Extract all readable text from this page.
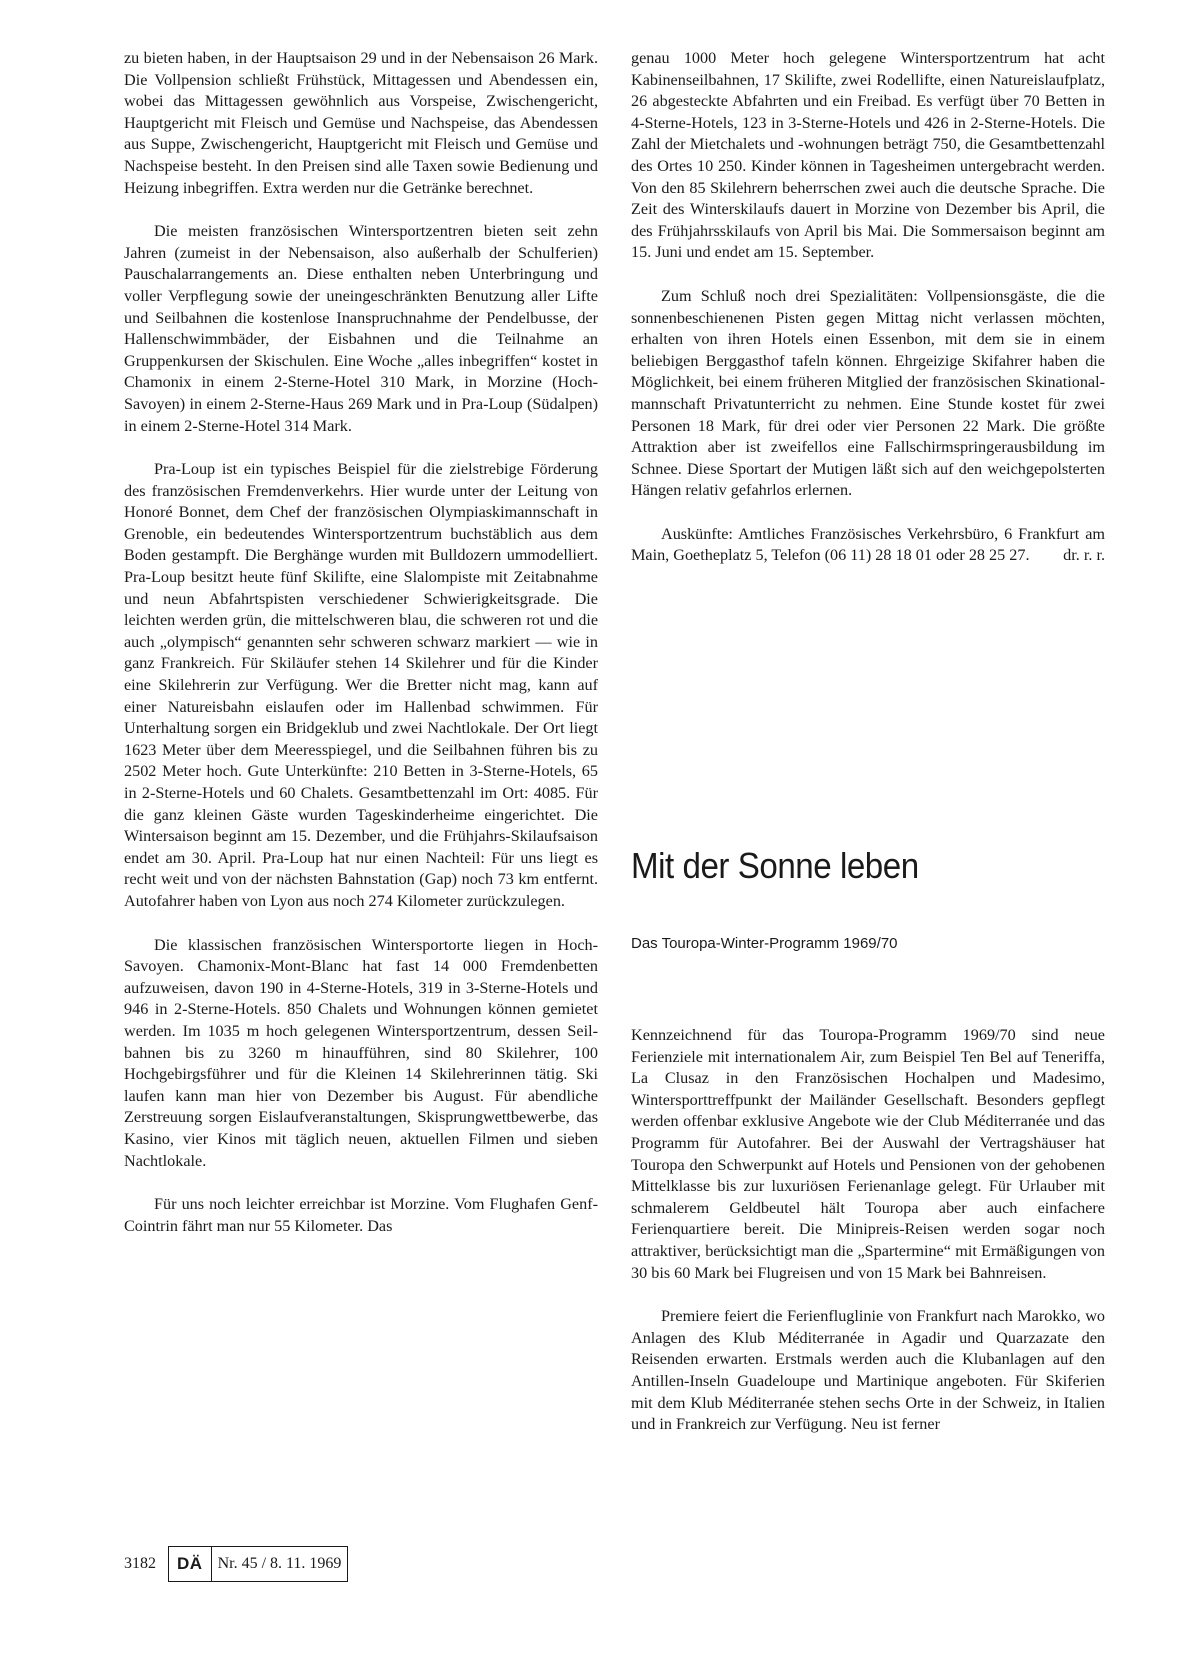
zu bieten haben, in der Hauptsaison 29 und in der Nebensaison 26 Mark. Die Vollpension schließt Frühstück, Mittagessen und Abendessen ein, wobei das Mittagessen gewöhnlich aus Vorspeise, Zwischengericht, Hauptgericht mit Fleisch und Gemüse und Nachspeise, das Abendessen aus Suppe, Zwischengericht, Hauptgericht mit Fleisch und Gemüse und Nachspeise besteht. In den Preisen sind alle Taxen sowie Bedienung und Heizung inbegriffen. Extra werden nur die Getränke berechnet.

Die meisten französischen Wintersportzentren bieten seit zehn Jahren (zumeist in der Nebensaison, also außerhalb der Schulferien) Pauschalarrangements an. Diese enthalten neben Unterbringung und voller Verpflegung sowie der uneingeschränkten Benutzung aller Lifte und Seilbahnen die kostenlose Inanspruchnahme der Pendelbusse, der Hallenschwimmbäder, der Eisbahnen und die Teilnahme an Gruppenkursen der Skischulen. Eine Woche „alles inbegriffen“ kostet in Chamonix in einem 2-Sterne-Hotel 310 Mark, in Morzine (Hoch-Savoyen) in einem 2-Sterne-Haus 269 Mark und in Pra-Loup (Südalpen) in einem 2-Sterne-Hotel 314 Mark.

Pra-Loup ist ein typisches Beispiel für die zielstrebige Förderung des französischen Fremdenverkehrs. Hier wurde unter der Leitung von Honoré Bonnet, dem Chef der französischen Olympiaskimannschaft in Grenoble, ein bedeutendes Wintersportzentrum buchstäblich aus dem Boden gestampft. Die Berghänge wurden mit Bulldozern ummodelliert. Pra-Loup besitzt heute fünf Skilifte, eine Slalompiste mit Zeitabnahme und neun Abfahrtspisten verschiedener Schwierigkeitsgrade. Die leichten werden grün, die mittelschweren blau, die schweren rot und die auch „olympisch“ genannten sehr schweren schwarz markiert — wie in ganz Frankreich. Für Skiläufer stehen 14 Skilehrer und für die Kinder eine Skilehrerin zur Verfügung. Wer die Bretter nicht mag, kann auf einer Natureisbahn eislaufen oder im Hallenbad schwimmen. Für Unterhaltung sorgen ein Bridgeklub und zwei Nachtlokale. Der Ort liegt 1623 Meter über dem Meeresspiegel, und die Seilbahnen führen bis zu 2502 Meter hoch. Gute Unterkünfte: 210 Betten in 3-Sterne-Hotels, 65 in 2-Sterne-Hotels und 60 Chalets. Gesamtbettenzahl im Ort: 4085. Für die ganz kleinen Gäste wurden Tageskinderheime eingerichtet. Die Wintersaison beginnt am 15. Dezember, und die Frühjahrs-Skilaufsaison endet am 30. April. Pra-Loup hat nur einen Nachteil: Für uns liegt es recht weit und von der nächsten Bahnstation (Gap) noch 73 km entfernt. Autofahrer haben von Lyon aus noch 274 Kilometer zurückzulegen.

Die klassischen französischen Wintersportorte liegen in Hoch-Savoyen. Chamonix-Mont-Blanc hat fast 14 000 Fremdenbetten aufzuweisen, davon 190 in 4-Sterne-Hotels, 319 in 3-Sterne-Hotels und 946 in 2-Sterne-Hotels. 850 Chalets und Wohnungen können gemietet werden. Im 1035 m hoch gelegenen Wintersportzentrum, dessen Seilbahnen bis zu 3260 m hinaufführen, sind 80 Skilehrer, 100 Hochgebirgsführer und für die Kleinen 14 Skilehrerinnen tätig. Ski laufen kann man hier von Dezember bis August. Für abendliche Zerstreuung sorgen Eislaufveranstaltungen, Skisprungwettbewerbe, das Kasino, vier Kinos mit täglich neuen, aktuellen Filmen und sieben Nachtlokale.

Für uns noch leichter erreichbar ist Morzine. Vom Flughafen Genf-Cointrin fährt man nur 55 Kilometer. Das

genau 1000 Meter hoch gelegene Wintersportzentrum hat acht Kabinenseilbahnen, 17 Skilifte, zwei Rodellifte, einen Natureislaufplatz, 26 abgesteckte Abfahrten und ein Freibad. Es verfügt über 70 Betten in 4-Sterne-Hotels, 123 in 3-Sterne-Hotels und 426 in 2-Sterne-Hotels. Die Zahl der Mietchalets und -wohnungen beträgt 750, die Gesamtbettenzahl des Ortes 10 250. Kinder können in Tagesheimen untergebracht werden. Von den 85 Skilehrern beherrschen zwei auch die deutsche Sprache. Die Zeit des Winterskilaufs dauert in Morzine von Dezember bis April, die des Frühjahrsskilaufs von April bis Mai. Die Sommersaison beginnt am 15. Juni und endet am 15. September.

Zum Schluß noch drei Spezialitäten: Vollpensionsgäste, die die sonnenbeschienenen Pisten gegen Mittag nicht verlassen möchten, erhalten von ihren Hotels einen Essenbon, mit dem sie in einem beliebigen Berggasthof tafeln können. Ehrgeizige Skifahrer haben die Möglichkeit, bei einem früheren Mitglied der französischen Skinationalmannschaft Privatunterricht zu nehmen. Eine Stunde kostet für zwei Personen 18 Mark, für drei oder vier Personen 22 Mark. Die größte Attraktion aber ist zweifellos eine Fallschirmspringerausbildung im Schnee. Diese Sportart der Mutigen läßt sich auf den weichgepolsterten Hängen relativ gefahrlos erlernen.

Auskünfte: Amtliches Französisches Verkehrsbüro, 6 Frankfurt am Main, Goetheplatz 5, Telefon (06 11) 28 18 01 oder 28 25 27. dr. r. r.

Mit der Sonne leben
Das Touropa-Winter-Programm 1969/70

Kennzeichnend für das Touropa-Programm 1969/70 sind neue Ferienziele mit internationalem Air, zum Beispiel Ten Bel auf Teneriffa, La Clusaz in den Französischen Hochalpen und Madesimo, Wintersporttreffpunkt der Mailänder Gesellschaft. Besonders gepflegt werden offenbar exklusive Angebote wie der Club Méditerranée und das Programm für Autofahrer. Bei der Auswahl der Vertragshäuser hat Touropa den Schwerpunkt auf Hotels und Pensionen von der gehobenen Mittelklasse bis zur luxuriösen Ferienanlage gelegt. Für Urlauber mit schmalerem Geldbeutel hält Touropa aber auch einfachere Ferienquartiere bereit. Die Minipreis-Reisen werden sogar noch attraktiver, berücksichtigt man die „Spartermine“ mit Ermäßigungen von 30 bis 60 Mark bei Flugreisen und von 15 Mark bei Bahnreisen.

Premiere feiert die Ferienfluglinie von Frankfurt nach Marokko, wo Anlagen des Klub Méditerranée in Agadir und Quarzazate den Reisenden erwarten. Erstmals werden auch die Klubanlagen auf den Antillen-Inseln Guadeloupe und Martinique angeboten. Für Skiferien mit dem Klub Méditerranée stehen sechs Orte in der Schweiz, in Italien und in Frankreich zur Verfügung. Neu ist ferner

3182	DÄ Nr. 45 / 8. 11. 1969
